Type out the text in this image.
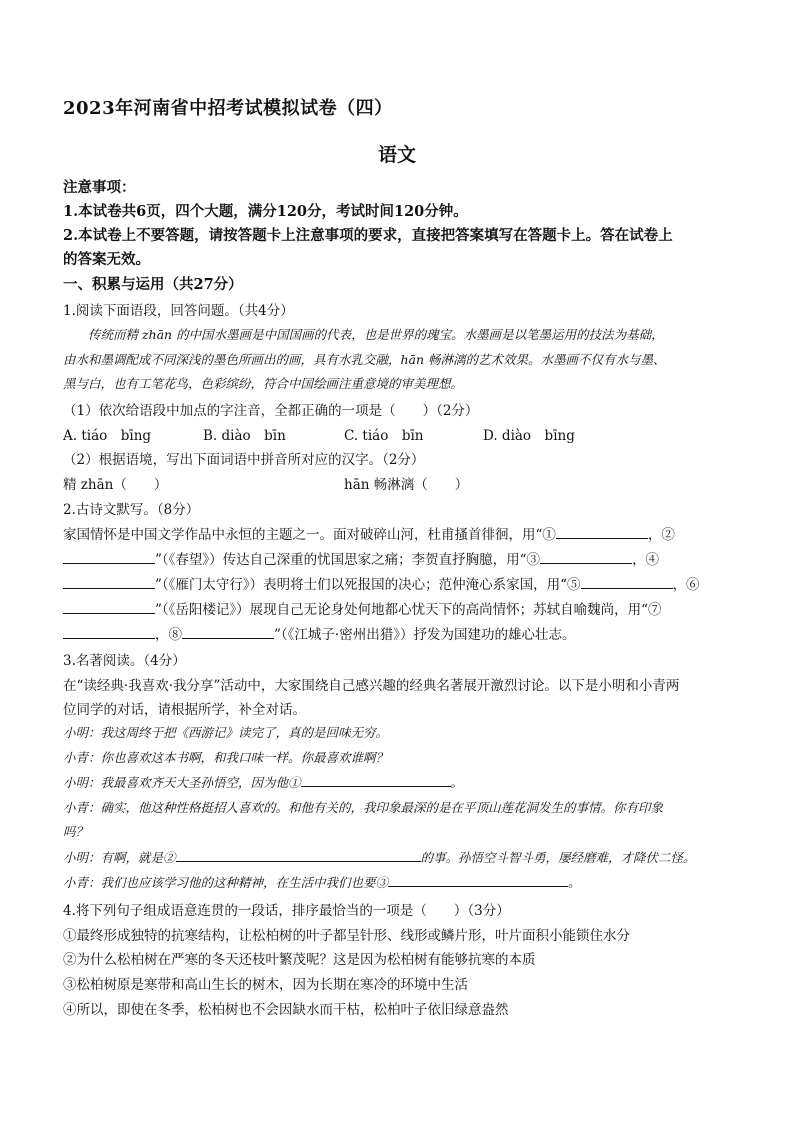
2023年河南省中招考试模拟试卷（四）
语文
注意事项：
1.本试卷共6页，四个大题，满分120分，考试时间120分钟。
2.本试卷上不要答题，请按答题卡上注意事项的要求，直接把答案填写在答题卡上。答在试卷上
的答案无效。
一、积累与运用（共27分）
1.阅读下面语段，回答问题。（共4分）
传统而精 zhān 的中国水墨画是中国国画的代表，也是世界的瑰宝。水墨画是以笔墨运用的技法为基础，
由水和墨调配成不同深浅的墨色所画出的画，具有水乳交融，hān 畅淋漓的艺术效果。水墨画不仅有水与墨、
黑与白，也有工笔花鸟，色彩缤纷，符合中国绘画注重意境的审美理想。
（1）依次给语段中加点的字注音，全都正确的一项是（　　）（2分）
A. tiáo　bīng	B. diào　bīn	C. tiáo　bīn	D. diào　bīng
（2）根据语境，写出下面词语中拼音所对应的汉字。（2分）
精 zhān（　　）	hān 畅淋漓（　　）
2.古诗文默写。（8分）
家国情怀是中国文学作品中永恒的主题之一。面对破碎山河，杜甫搔首徘徊，用“①	，②
”（《春望》）传达自己深重的忧国思家之痛；李贺直抒胸臆，用“③	，④
”（《雁门太守行》）表明将士们以死报国的决心；范仲淹心系家国，用“⑤	，⑥
”（《岳阳楼记》）展现自己无论身处何地都心忧天下的高尚情怀；苏轼自喻魏尚，用“⑦
，⑧	”（《江城子·密州出猎》）抒发为国建功的雄心壮志。
3.名著阅读。（4分）
在“读经典·我喜欢·我分享”活动中，大家围绕自己感兴趣的经典名著展开激烈讨论。以下是小明和小青两
位同学的对话，请根据所学，补全对话。
小明：我这周终于把《西游记》读完了，真的是回味无穷。
小青：你也喜欢这本书啊，和我口味一样。你最喜欢谁啊？
小明：我最喜欢齐天大圣孙悟空，因为他①	。
小青：确实，他这种性格挺招人喜欢的。和他有关的，我印象最深的是在平顶山莲花洞发生的事情。你有印象
吗？
小明：有啊，就是②	的事。孙悟空斗智斗勇，屡经磨难，才降伏二怪。
小青：我们也应该学习他的这种精神，在生活中我们也要③	。
4.将下列句子组成语意连贯的一段话，排序最恰当的一项是（　　）（3分）
①最终形成独特的抗寒结构，让松柏树的叶子都呈针形、线形或鳞片形，叶片面积小能锁住水分
②为什么松柏树在严寒的冬天还枝叶繁茂呢？这是因为松柏树有能够抗寒的本质
③松柏树原是寒带和高山生长的树木，因为长期在寒冷的环境中生活
④所以，即使在冬季，松柏树也不会因缺水而干枯，松柏叶子依旧绿意盎然
